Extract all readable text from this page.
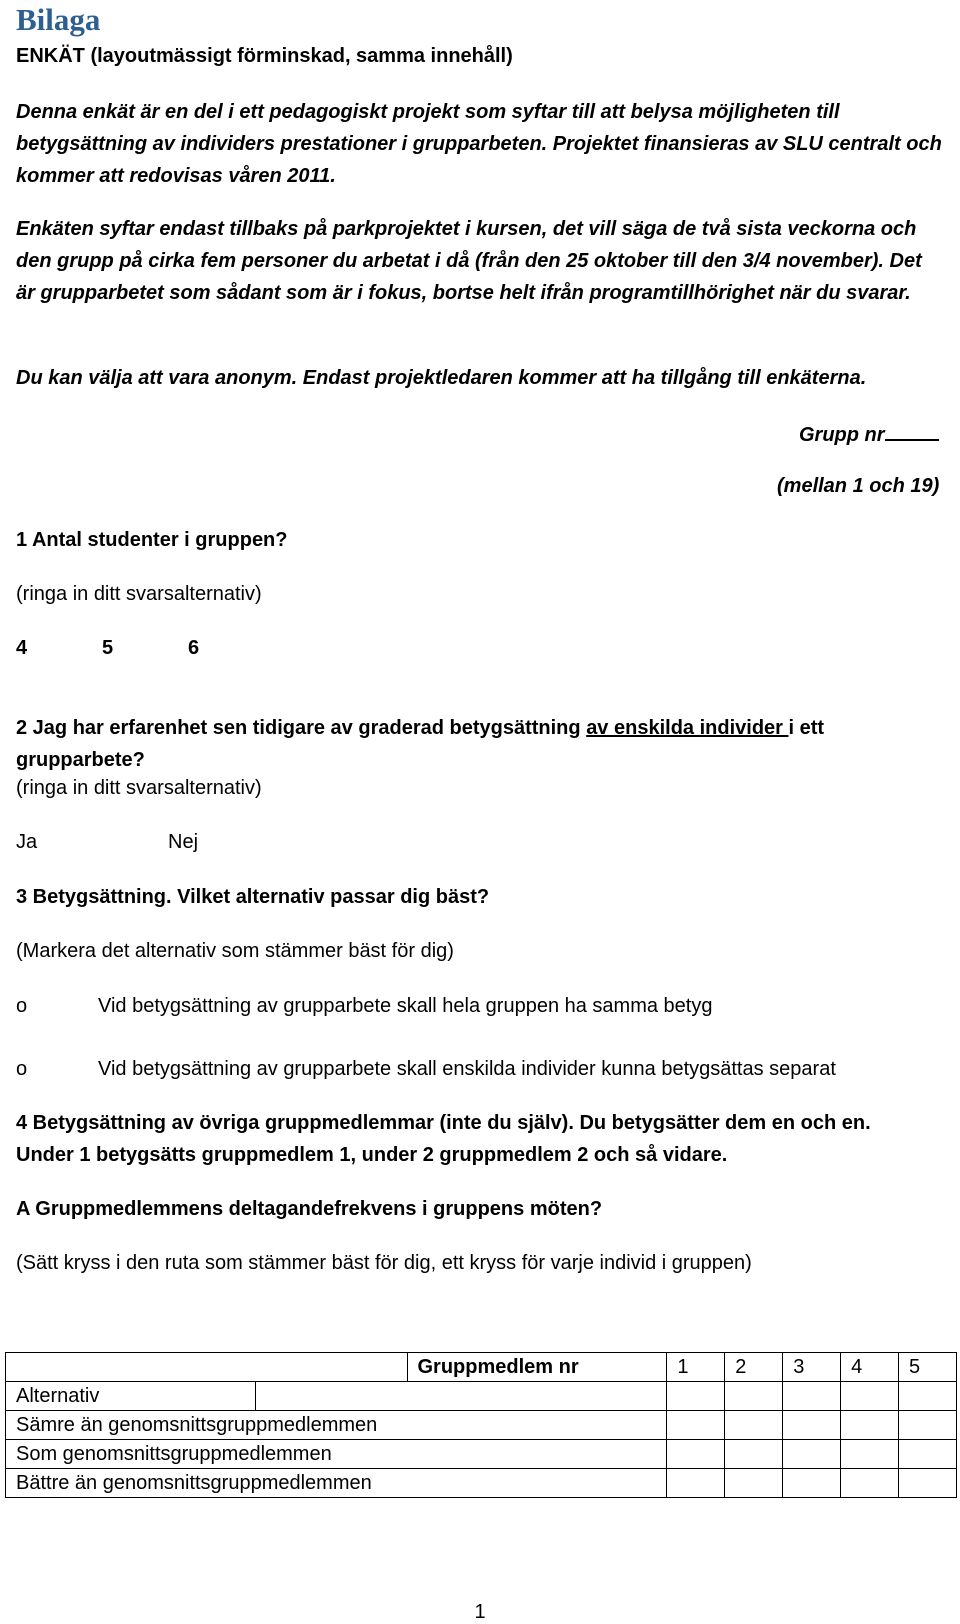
Bilaga
ENKÄT (layoutmässigt förminskad, samma innehåll)
Denna enkät är en del i ett pedagogiskt projekt som syftar till att belysa möjligheten till betygsättning av individers prestationer i grupparbeten. Projektet finansieras av SLU centralt och kommer att redovisas våren 2011.
Enkäten syftar endast tillbaks på parkprojektet i kursen, det vill säga de två sista veckorna och den grupp på cirka fem personer du arbetat i då (från den 25 oktober till den 3/4 november). Det är grupparbetet som sådant som är i fokus, bortse helt ifrån programtillhörighet när du svarar.
Du kan välja att vara anonym. Endast projektledaren kommer att ha tillgång till enkäterna.
Grupp nr
(mellan 1 och 19)
1 Antal studenter i gruppen?
(ringa in ditt svarsalternativ)
4	5	6
2 Jag har erfarenhet sen tidigare av graderad betygsättning av enskilda individer i ett grupparbete?
(ringa in ditt svarsalternativ)
Ja	Nej
3 Betygsättning. Vilket alternativ passar dig bäst?
(Markera det alternativ som stämmer bäst för dig)
o	Vid betygsättning av grupparbete skall hela gruppen ha samma betyg
o	Vid betygsättning av grupparbete skall enskilda individer kunna betygsättas separat
4 Betygsättning av övriga gruppmedlemmar (inte du själv). Du betygsätter dem en och en.
Under 1 betygsätts gruppmedlem 1, under 2 gruppmedlem 2 och så vidare.
A Gruppmedlemmens deltagandefrekvens i gruppens möten?
(Sätt kryss i den ruta som stämmer bäst för dig, ett kryss för varje individ i gruppen)
		Gruppmedlem nr	1	2	3	4	5
Alternativ							
Sämre än genomsnittsgruppmedlemmen							
Som genomsnittsgruppmedlemmen							
Bättre än genomsnittsgruppmedlemmen							
1
